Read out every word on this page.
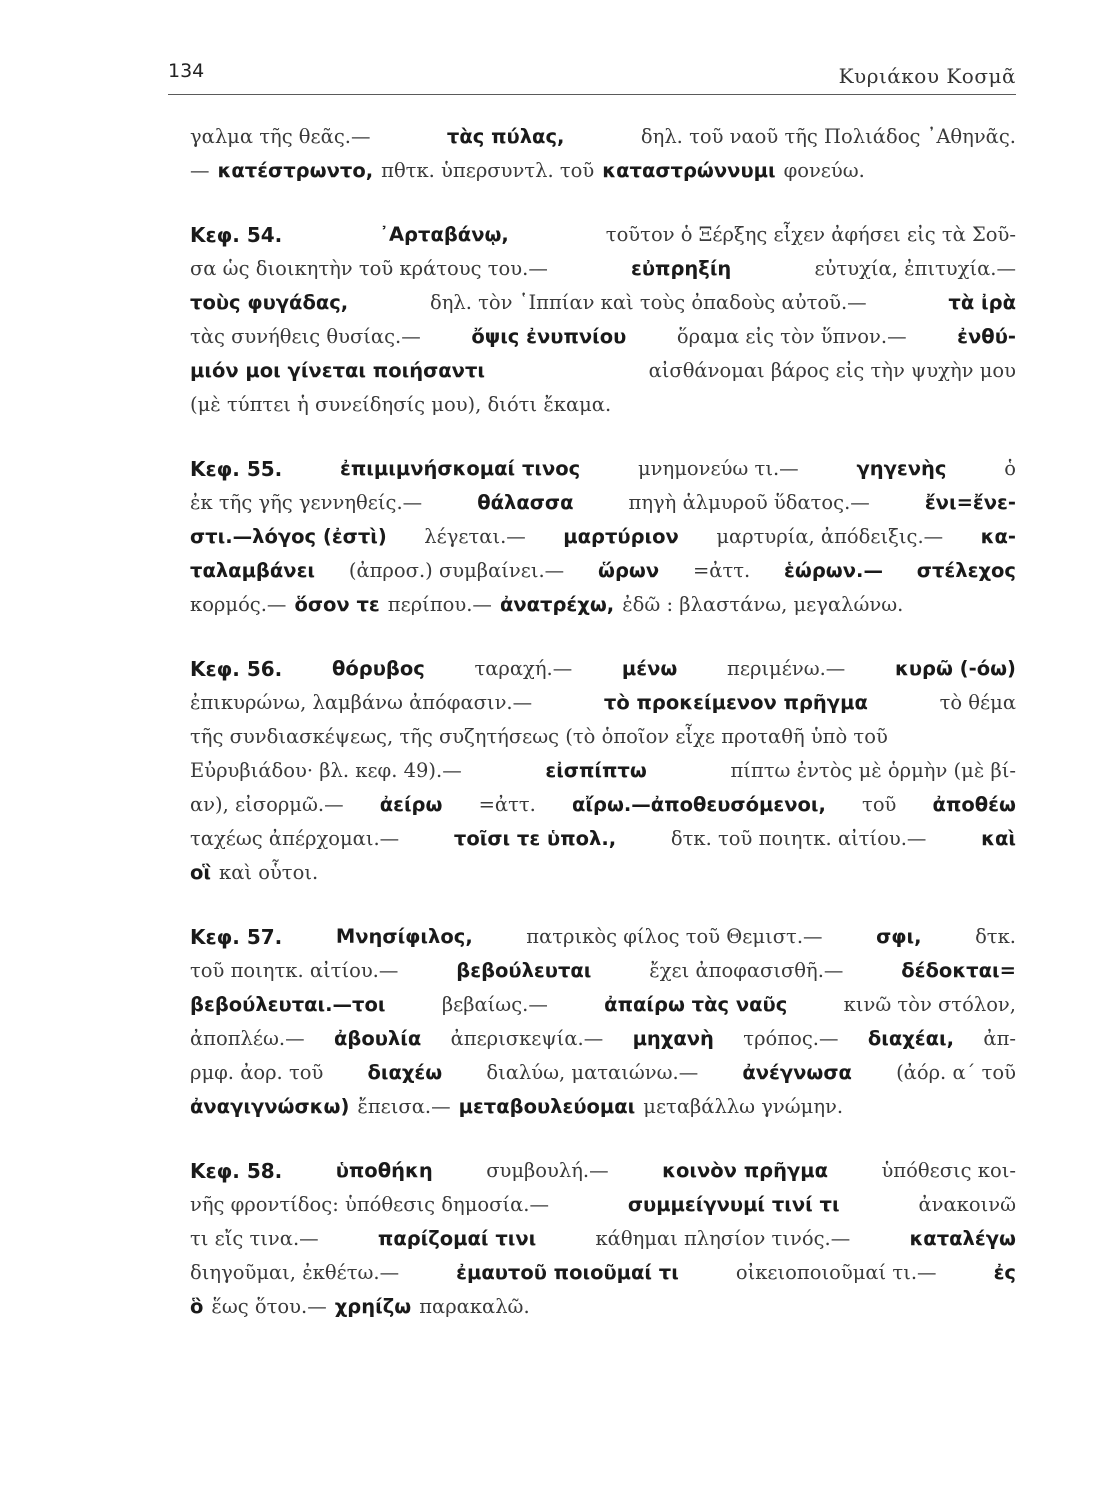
134	Κυριάκου Κοσμᾶ
γαλμα τῆς θεᾶς.—	τὰς πύλας,	δηλ. τοῦ ναοῦ τῆς Πολιάδος ᾿Αθηνᾶς.
— κατέστρωντο, πθτκ. ὑπερσυντλ. τοῦ καταστρώννυμι φονεύω.
Κεφ. 54.	᾿Αρταβάνῳ,	τοῦτον ὁ Ξέρξης εἶχεν ἀφήσει εἰς τὰ Σοῦ-
σα ὡς διοικητὴν τοῦ κράτους του.—	εὐπρηξίη	εὐτυχία, ἐπιτυχία.—
τοὺς φυγάδας,	δηλ. τὸν ῾Ιππίαν καὶ τοὺς ὀπαδοὺς αὐτοῦ.—	τὰ ἰρὰ
τὰς συνήθεις θυσίας.—	ὄψις ἐνυπνίου	ὅραμα εἰς τὸν ὕπνον.—	ἐνθύ-
μιόν μοι γίνεται ποιήσαντι	αἰσθάνομαι βάρος εἰς τὴν ψυχὴν μου
(μὲ τύπτει ἡ συνείδησίς μου), διότι ἔκαμα.
Κεφ. 55.	ἐπιμιμνήσκομαί τινος	μνημονεύω τι.—	γηγενὴς	ὁ
ἐκ τῆς γῆς γεννηθείς.—	θάλασσα	πηγὴ ἁλμυροῦ ὕδατος.—	ἔνι=ἔνε-
στι.—λόγος (ἐστὶ) λέγεται.— μαρτύριον μαρτυρία, ἀπόδειξις.— κα-
ταλαμβάνει (ἀπροσ.) συμβαίνει.— ὥρων =ἀττ. ἑώρων.— στέλεχος
κορμός.— ὅσον τε περίπου.— ἀνατρέχω, ἐδῶ : βλαστάνω, μεγαλώνω.
Κεφ. 56.	θόρυβος	ταραχή.—	μένω	περιμένω.—	κυρῶ (-όω)
ἐπικυρώνω, λαμβάνω ἀπόφασιν.—	τὸ προκείμενον πρῆγμα	τὸ θέμα
τῆς συνδιασκέψεως, τῆς συζητήσεως (τὸ ὁποῖον εἶχε προταθῆ ὑπὸ τοῦ
Εὐρυβιάδου· βλ. κεφ. 49).—	εἰσπίπτω	πίπτω ἐντὸς μὲ ὁρμὴν (μὲ βί-
αν), εἰσορμῶ.— ἀείρω =ἀττ. αἴρω.—ἀποθευσόμενοι, τοῦ ἀποθέω
ταχέως ἀπέρχομαι.—	τοῖσι τε ὑπολ.,	δτκ. τοῦ ποιητκ. αἰτίου.—	καὶ
οἳ καὶ οὗτοι.
Κεφ. 57.	Μνησίφιλος,	πατρικὸς φίλος τοῦ Θεμιστ.—	σφι,	δτκ.
τοῦ ποιητκ. αἰτίου.—	βεβούλευται	ἔχει ἀποφασισθῆ.—	δέδοκται=
βεβούλευται.—τοι	βεβαίως.—	ἀπαίρω τὰς ναῦς	κινῶ τὸν στόλον,
ἀποπλέω.— ἀβουλία ἀπερισκεψία.— μηχανὴ τρόπος.— διαχέαι, ἀπ-
ρμφ. ἀορ. τοῦ διαχέω διαλύω, ματαιώνω.— ἀνέγνωσα (ἀόρ. α΄ τοῦ
ἀναγιγνώσκω) ἔπεισα.— μεταβουλεύομαι μεταβάλλω γνώμην.
Κεφ. 58.	ὑποθήκη	συμβουλή.—	κοινὸν πρῆγμα	ὑπόθεσις κοι-
νῆς φροντίδος: ὑπόθεσις δημοσία.—	συμμείγνυμί τινί τι	ἀνακοινῶ
τι εἴς τινα.—	παρίζομαί τινι	κάθημαι πλησίον τινός.—	καταλέγω
διηγοῦμαι, ἐκθέτω.—	ἐμαυτοῦ ποιοῦμαί τι	οἰκειοποιοῦμαί τι.—	ἐς
ὃ ἕως ὅτου.— χρηίζω παρακαλῶ.
